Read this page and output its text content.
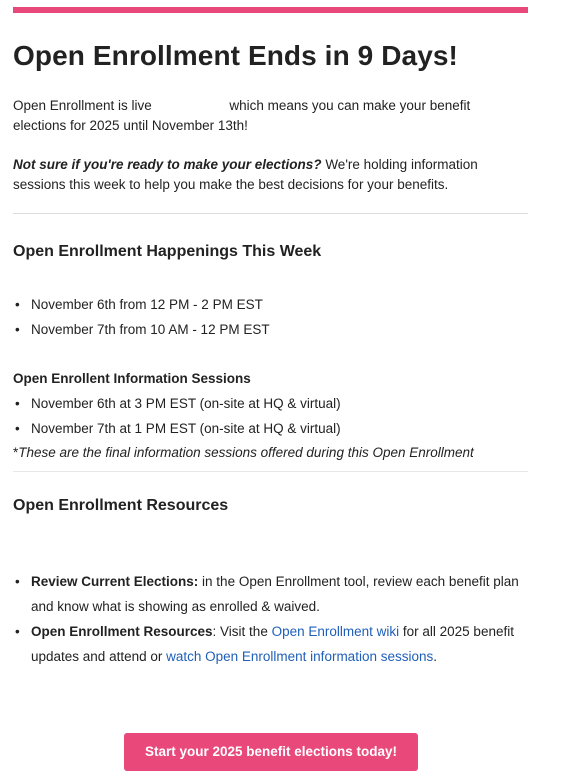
Open Enrollment Ends in 9 Days!

Open Enrollment is live	which means you can make your benefit elections for 2025 until November 13th!

Not sure if you're ready to make your elections? We're holding information sessions this week to help you make the best decisions for your benefits.

Open Enrollment Happenings This Week
• November 6th from 12 PM - 2 PM EST
• November 7th from 10 AM - 12 PM EST
Open Enrollent Information Sessions
• November 6th at 3 PM EST (on-site at HQ & virtual)
• November 7th at 1 PM EST (on-site at HQ & virtual)

*These are the final information sessions offered during this Open Enrollment

Open Enrollment Resources
• Review Current Elections: in the Open Enrollment tool, review each benefit plan and know what is showing as enrolled & waived.
• Open Enrollment Resources: Visit the Open Enrollment wiki for all 2025 benefit updates and attend or watch Open Enrollment information sessions.
Start your 2025 benefit elections today!
